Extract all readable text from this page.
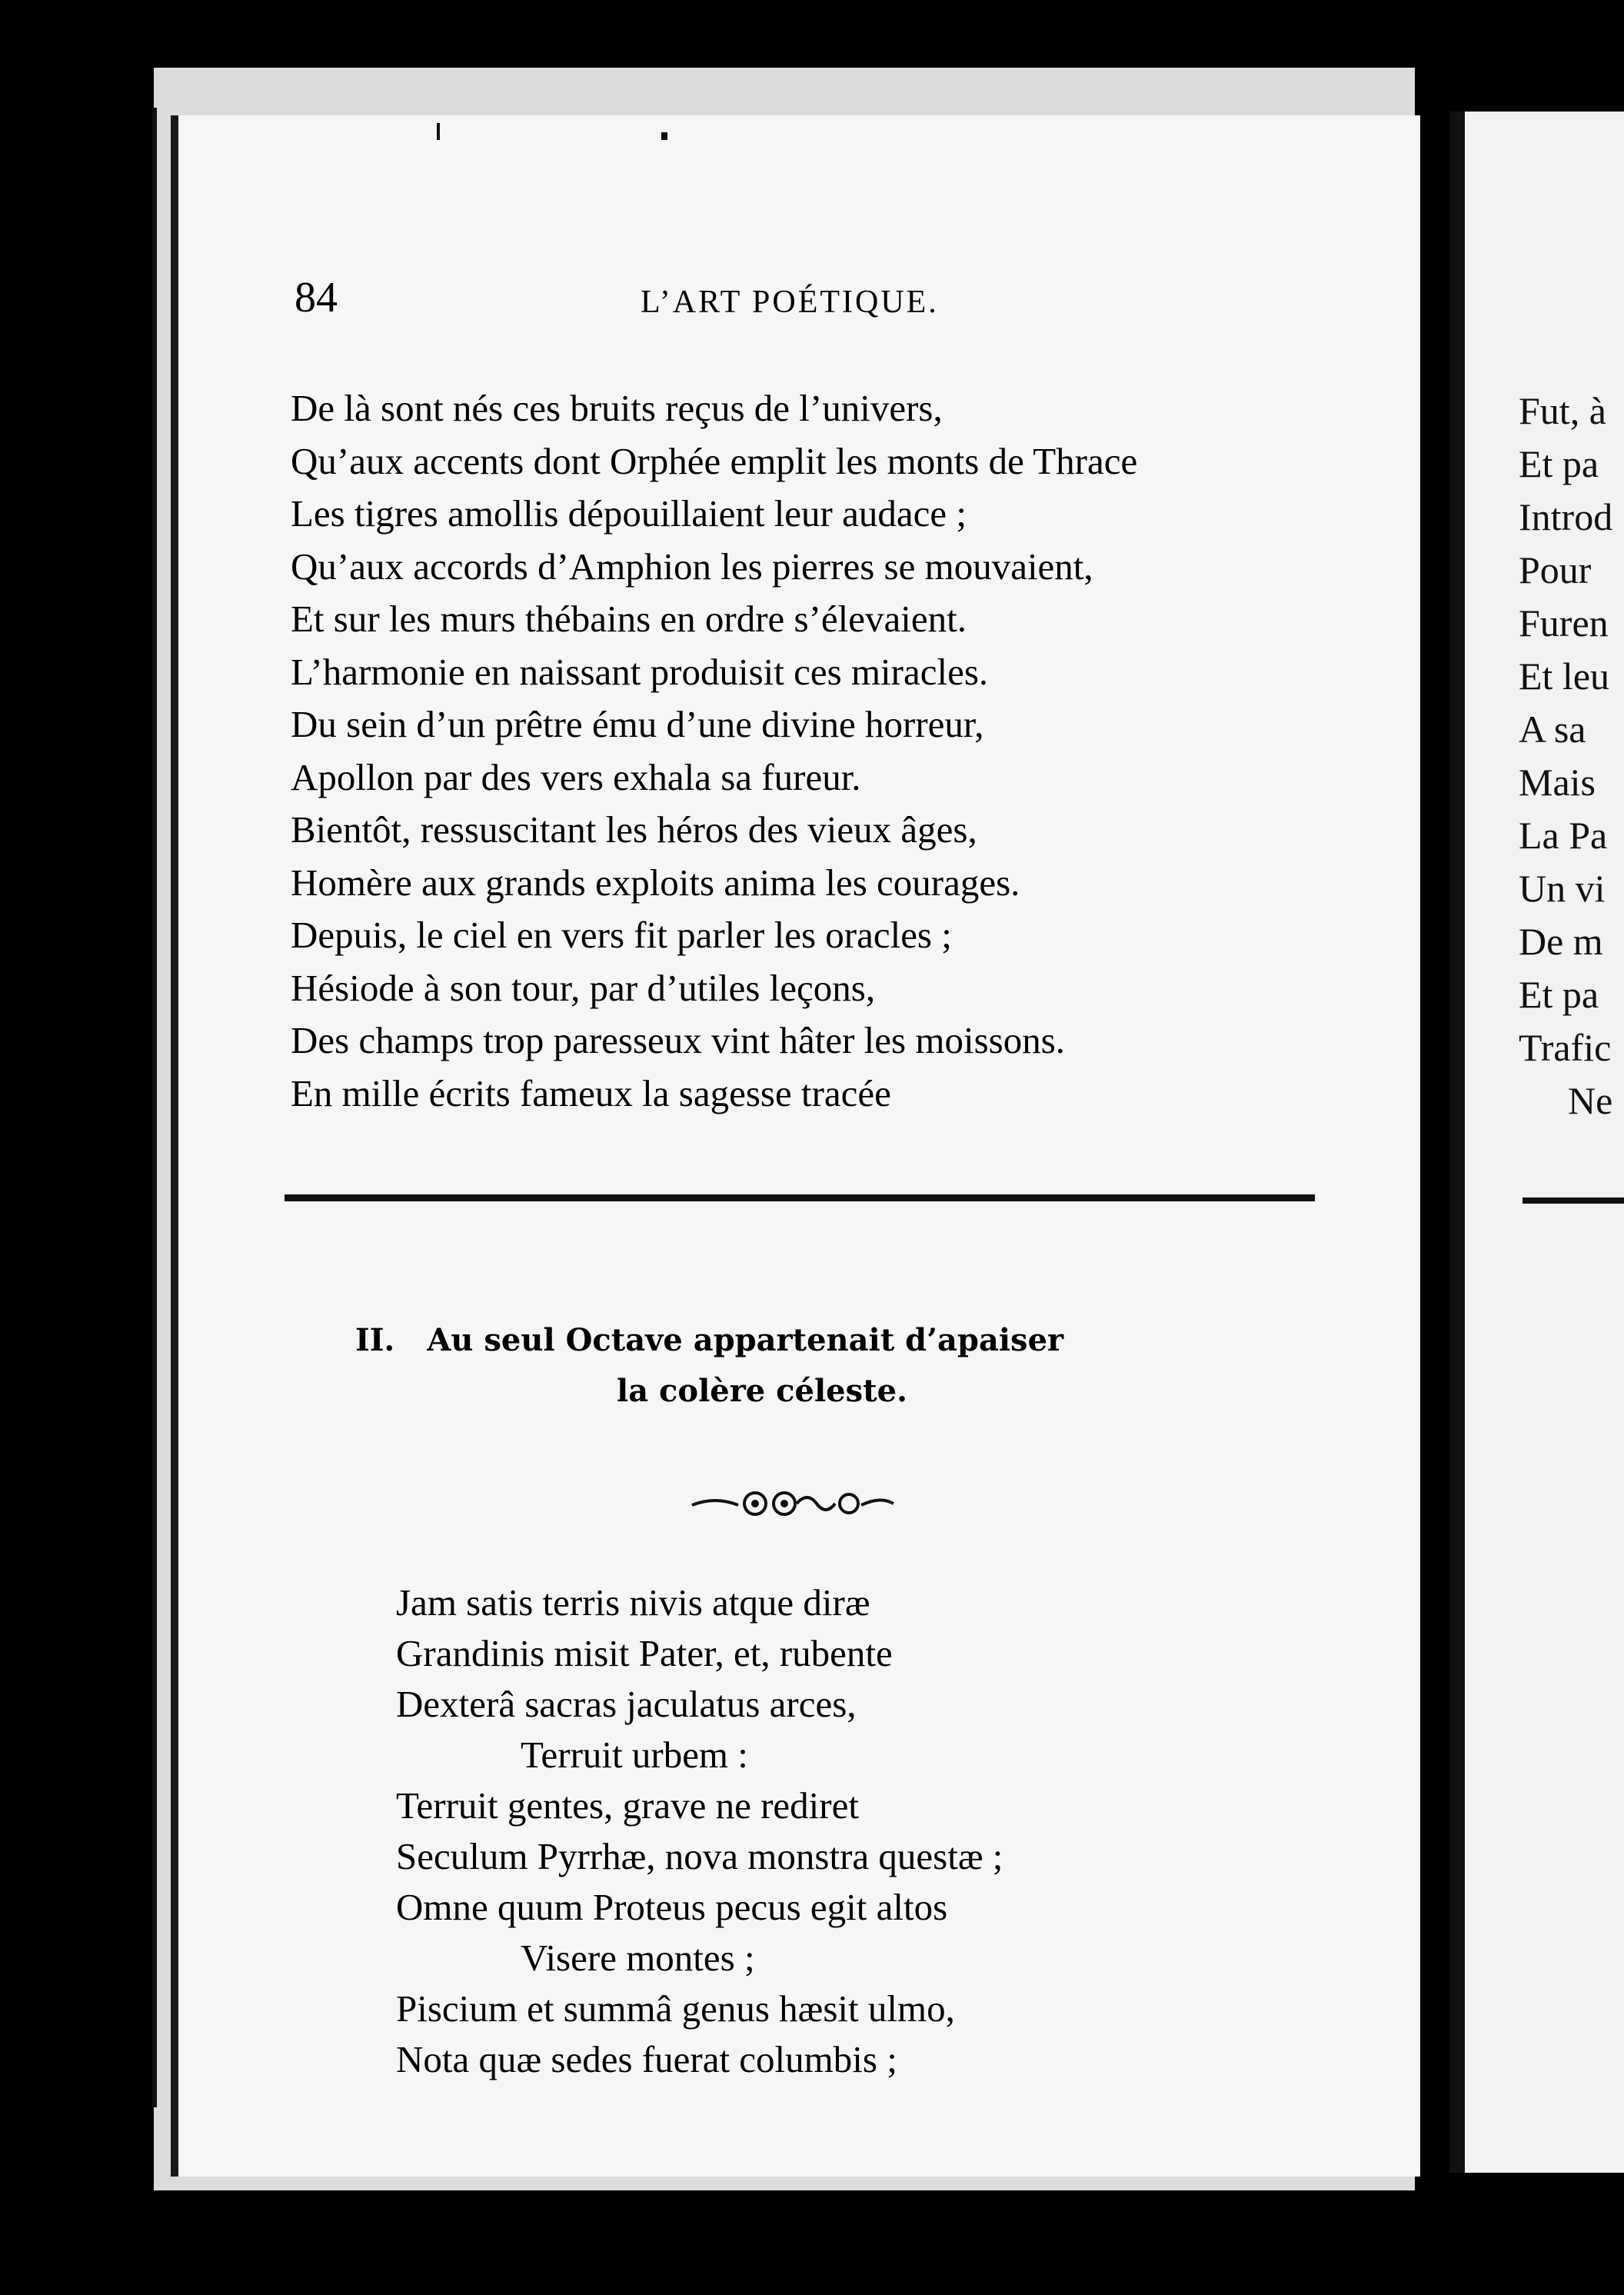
84	L’ART POÉTIQUE.
De là sont nés ces bruits reçus de l’univers,
Qu’aux accents dont Orphée emplit les monts de Thrace
Les tigres amollis dépouillaient leur audace ;
Qu’aux accords d’Amphion les pierres se mouvaient,
Et sur les murs thébains en ordre s’élevaient.
L’harmonie en naissant produisit ces miracles.
Du sein d’un prêtre ému d’une divine horreur,
Apollon par des vers exhala sa fureur.
Bientôt, ressuscitant les héros des vieux âges,
Homère aux grands exploits anima les courages.
Depuis, le ciel en vers fit parler les oracles ;
Hésiode à son tour, par d’utiles leçons,
Des champs trop paresseux vint hâter les moissons.
En mille écrits fameux la sagesse tracée
II. Au seul Octave appartenait d’apaiser
la colère céleste.
Jam satis terris nivis atque diræ
Grandinis misit Pater, et, rubente
Dexterâ sacras jaculatus arces,
Terruit urbem :
Terruit gentes, grave ne rediret
Seculum Pyrrhæ, nova monstra questæ ;
Omne quum Proteus pecus egit altos
Visere montes ;
Piscium et summâ genus hæsit ulmo,
Nota quæ sedes fuerat columbis ;
Fut, à
Et pa
Introd
Pour
Furen
Et leu
A sa
Mais
La Pa
Un vi
De m
Et pa
Trafic
Ne
